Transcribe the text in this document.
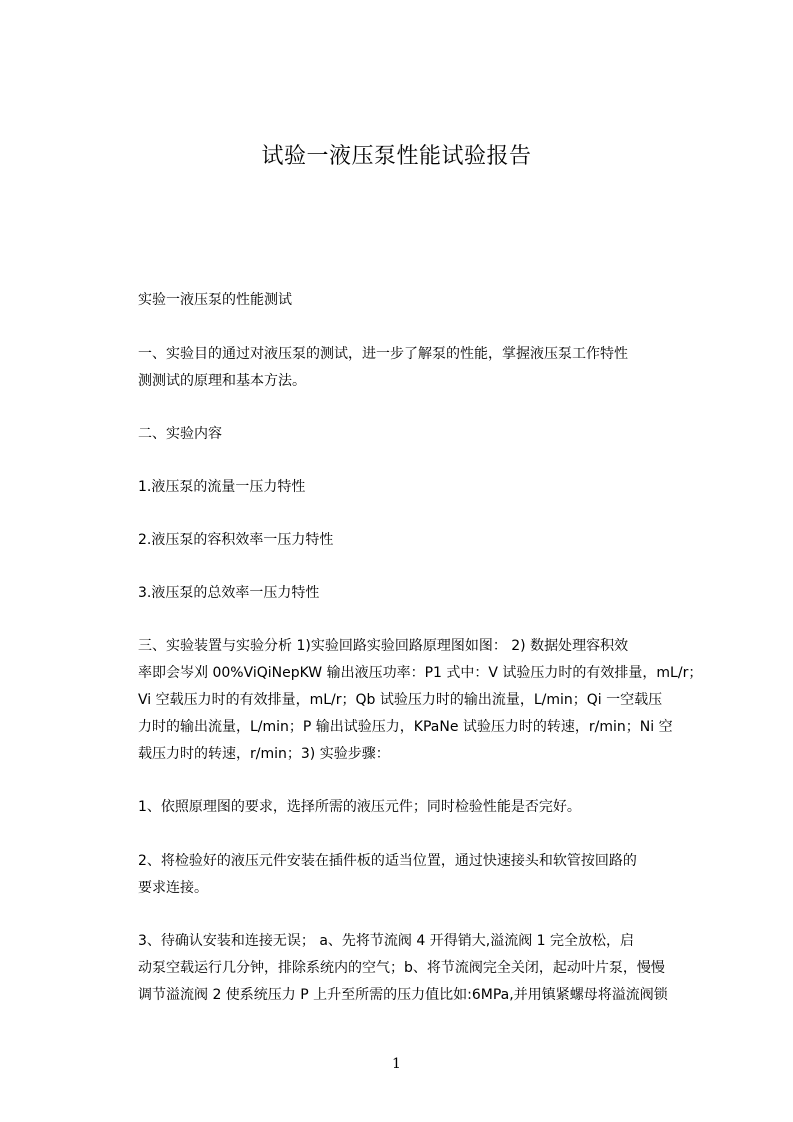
试验一液压泵性能试验报告
实验一液压泵的性能测试
一、实验目的通过对液压泵的测试，进一步了解泵的性能，掌握液压泵工作特性
测测试的原理和基本方法。
二、实验内容
1.液压泵的流量一压力特性
2.液压泵的容积效率一压力特性
3.液压泵的总效率一压力特性
三、实验装置与实验分析 1)实验回路实验回路原理图如图： 2) 数据处理容积效
率即会岑刈 00%ViQiNepKW 输出液压功率：P1 式中：V 试验压力时的有效排量，mL/r；
Vi 空载压力时的有效排量，mL/r；Qb 试验压力时的输出流量，L/min；Qi 一空载压
力时的输出流量，L/min；P 输出试验压力，KPaNe 试验压力时的转速，r/min；Ni 空
载压力时的转速，r/min；3) 实验步骤：
1、依照原理图的要求，选择所需的液压元件；同时检验性能是否完好。
2、将检验好的液压元件安装在插件板的适当位置，通过快速接头和软管按回路的
要求连接。
3、待确认安装和连接无误； a、先将节流阀 4 开得销大,溢流阀 1 完全放松，启
动泵空载运行几分钟，排除系统内的空气；b、将节流阀完全关闭，起动叶片泵，慢慢
调节溢流阀 2 使系统压力 P 上升至所需的压力值比如:6MPa,并用镇紧螺母将溢流阀锁
1
